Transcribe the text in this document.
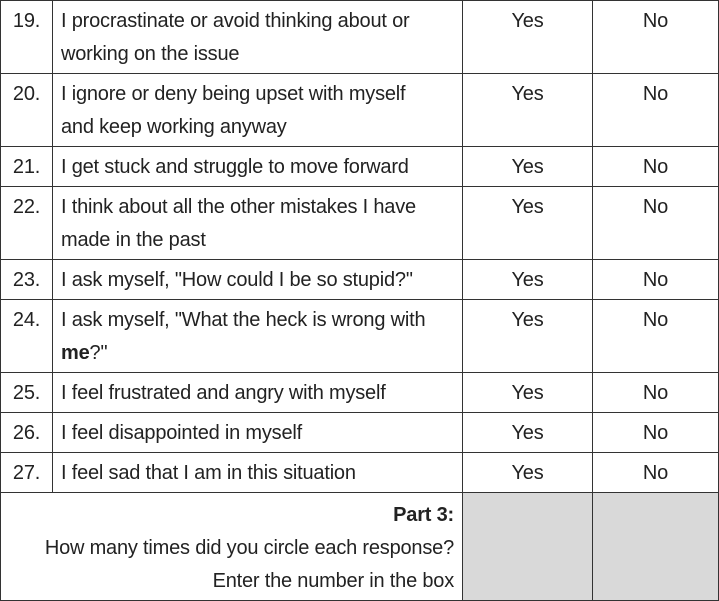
19.	I procrastinate or avoid thinking about or
working on the issue	Yes	No
20.	I ignore or deny being upset with myself
and keep working anyway	Yes	No
21.	I get stuck and struggle to move forward	Yes	No
22.	I think about all the other mistakes I have
made in the past	Yes	No
23.	I ask myself, "How could I be so stupid?"	Yes	No
24.	I ask myself, "What the heck is wrong with
me?"	Yes	No
25.	I feel frustrated and angry with myself	Yes	No
26.	I feel disappointed in myself	Yes	No
27.	I feel sad that I am in this situation	Yes	No

Part 3:
How many times did you circle each response?
Enter the number in the box			
